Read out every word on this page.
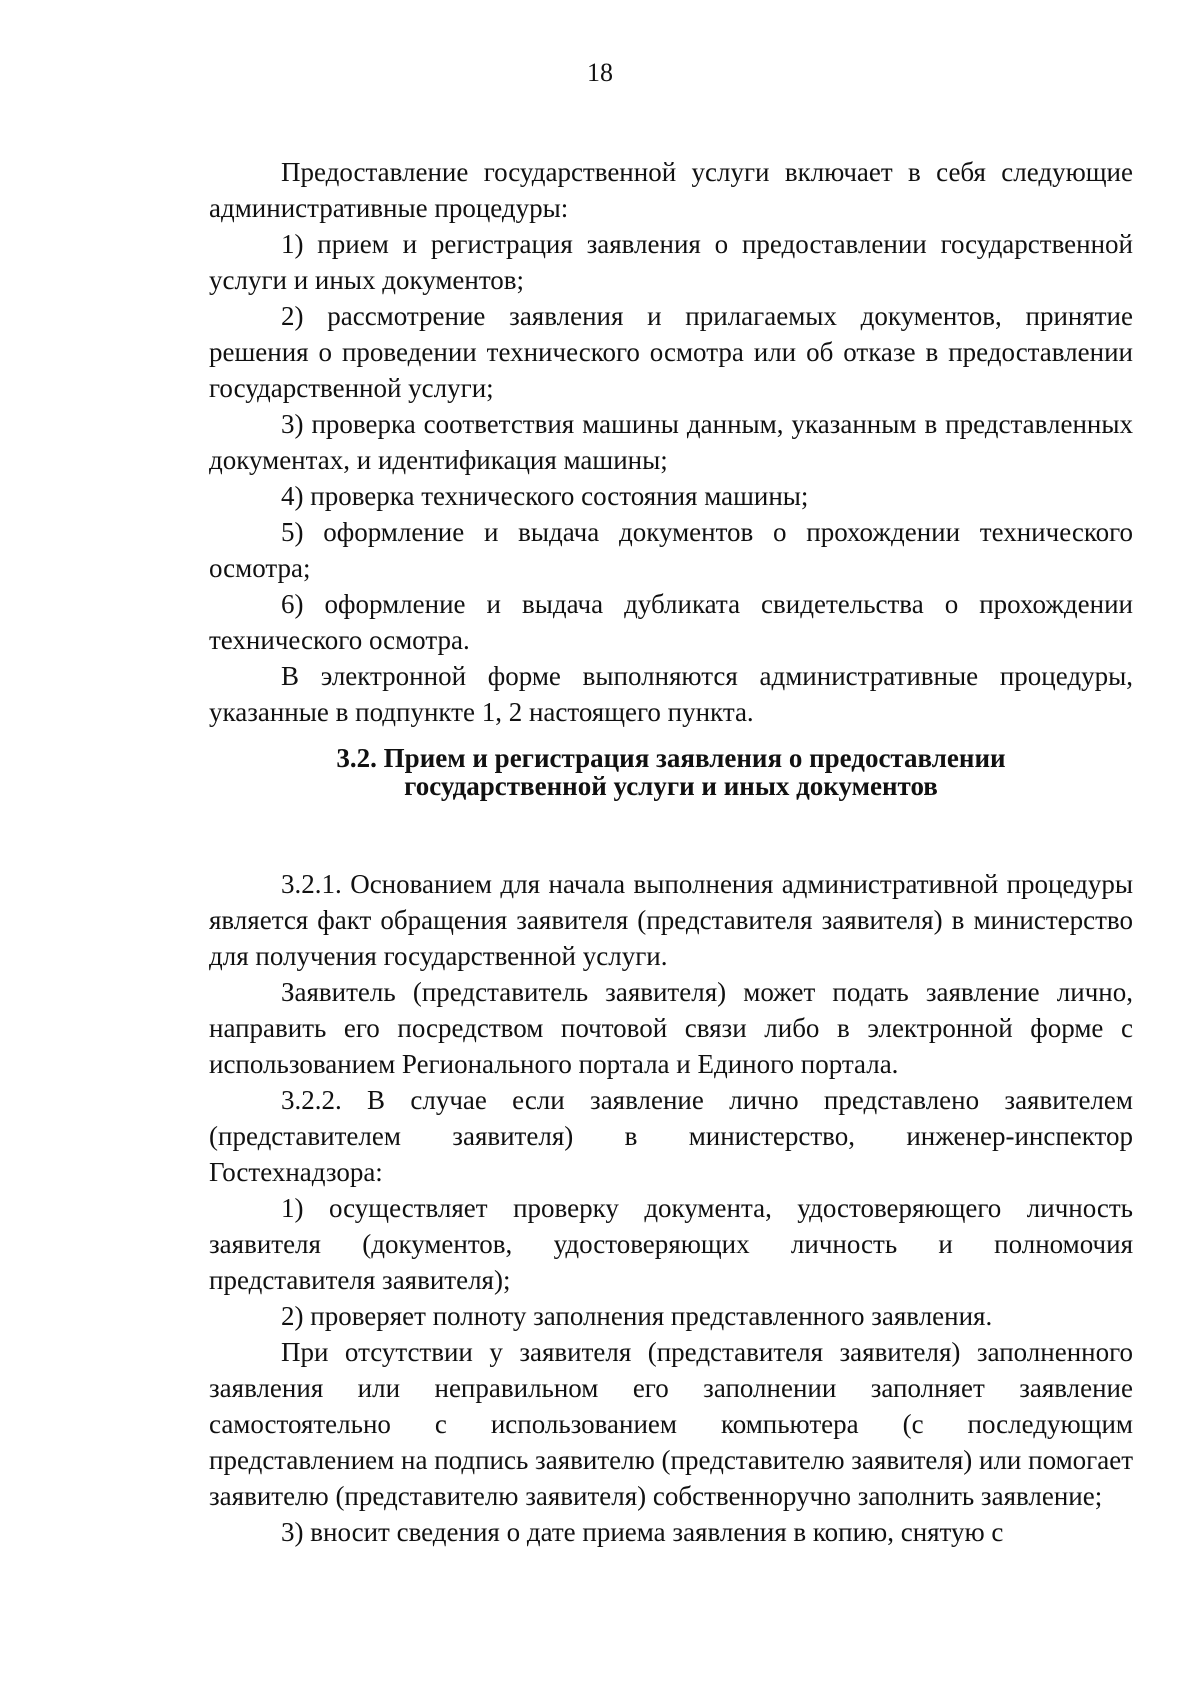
18

Предоставление государственной услуги включает в себя следующие административные процедуры:

1) прием и регистрация заявления о предоставлении государственной услуги и иных документов;

2) рассмотрение заявления и прилагаемых документов, принятие решения о проведении технического осмотра или об отказе в предоставлении государственной услуги;

3) проверка соответствия машины данным, указанным в представленных документах, и идентификация машины;

4) проверка технического состояния машины;

5) оформление и выдача документов о прохождении технического осмотра;

6) оформление и выдача дубликата свидетельства о прохождении технического осмотра.

В электронной форме выполняются административные процедуры, указанные в подпункте 1, 2 настоящего пункта.

3.2. Прием и регистрация заявления о предоставлении
государственной услуги и иных документов

3.2.1. Основанием для начала выполнения административной процедуры является факт обращения заявителя (представителя заявителя) в министерство для получения государственной услуги.

Заявитель (представитель заявителя) может подать заявление лично, направить его посредством почтовой связи либо в электронной форме с использованием Регионального портала и Единого портала.

3.2.2. В случае если заявление лично представлено заявителем (представителем заявителя) в министерство, инженер-инспектор Гостехнадзора:

1) осуществляет проверку документа, удостоверяющего личность заявителя (документов, удостоверяющих личность и полномочия представителя заявителя);

2) проверяет полноту заполнения представленного заявления.

При отсутствии у заявителя (представителя заявителя) заполненного заявления или неправильном его заполнении заполняет заявление самостоятельно с использованием компьютера (с последующим представлением на подпись заявителю (представителю заявителя) или помогает заявителю (представителю заявителя) собственноручно заполнить заявление;

3) вносит сведения о дате приема заявления в копию, снятую с
